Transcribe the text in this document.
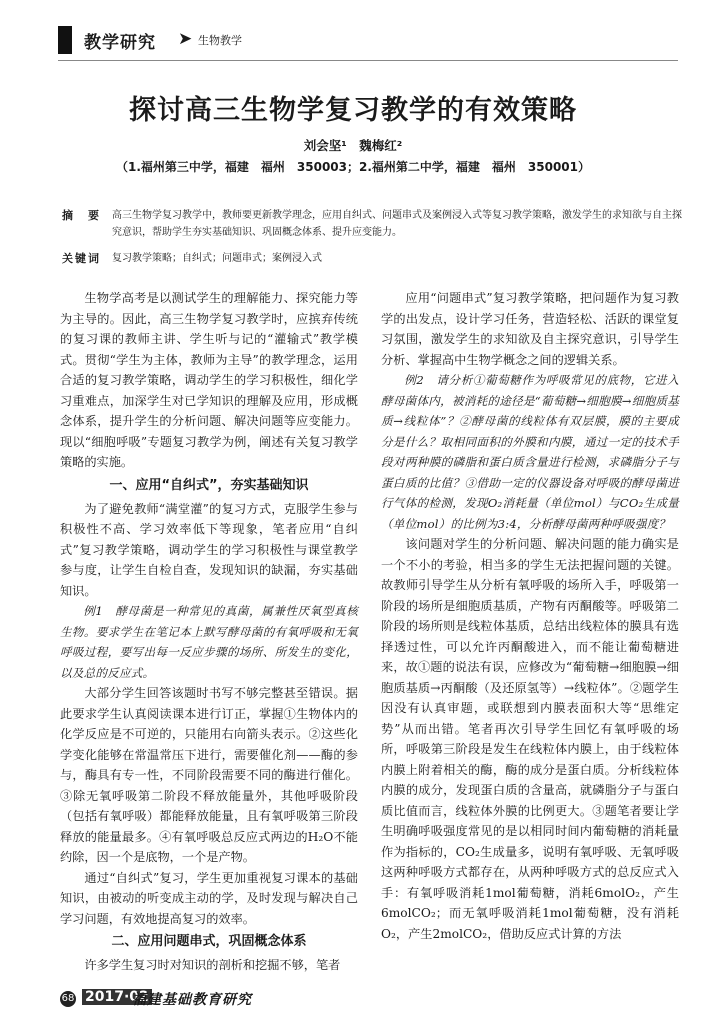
教学研究 ➤ 生物教学
探讨高三生物学复习教学的有效策略
刘会坚¹　魏梅红²
（1.福州第三中学，福建　福州　350003；2.福州第二中学，福建　福州　350001）
摘　要 高三生物学复习教学中，教师要更新教学理念，应用自纠式、问题串式及案例浸入式等复习教学策略，激发学生的求知欲与自主探究意识，帮助学生夯实基础知识、巩固概念体系、提升应变能力。
关键词 复习教学策略；自纠式；问题串式；案例浸入式

生物学高考是以测试学生的理解能力、探究能力等为主导的。因此，高三生物学复习教学时，应摈弃传统的复习课的教师主讲、学生听与记的“灌输式”教学模式。贯彻“学生为主体，教师为主导”的教学理念，运用合适的复习教学策略，调动学生的学习积极性，细化学习重难点，加深学生对已学知识的理解及应用，形成概念体系，提升学生的分析问题、解决问题等应变能力。现以“细胞呼吸”专题复习教学为例，阐述有关复习教学策略的实施。

一、应用“自纠式”，夯实基础知识

为了避免教师“满堂灌”的复习方式，克服学生参与积极性不高、学习效率低下等现象，笔者应用“自纠式”复习教学策略，调动学生的学习积极性与课堂教学参与度，让学生自检自查，发现知识的缺漏，夯实基础知识。

例1　酵母菌是一种常见的真菌，属兼性厌氧型真核生物。要求学生在笔记本上默写酵母菌的有氧呼吸和无氧呼吸过程，要写出每一反应步骤的场所、所发生的变化，以及总的反应式。

大部分学生回答该题时书写不够完整甚至错误。据此要求学生认真阅读课本进行订正，掌握①生物体内的化学反应是不可逆的，只能用右向箭头表示。②这些化学变化能够在常温常压下进行，需要催化剂——酶的参与，酶具有专一性，不同阶段需要不同的酶进行催化。③除无氧呼吸第二阶段不释放能量外，其他呼吸阶段（包括有氧呼吸）都能释放能量，且有氧呼吸第三阶段释放的能量最多。④有氧呼吸总反应式两边的H₂O不能约除，因一个是底物，一个是产物。

通过“自纠式”复习，学生更加重视复习课本的基础知识，由被动的听变成主动的学，及时发现与解决自己学习问题，有效地提高复习的效率。

二、应用问题串式，巩固概念体系

许多学生复习时对知识的剖析和挖掘不够，笔者

应用“问题串式”复习教学策略，把问题作为复习教学的出发点，设计学习任务，营造轻松、活跃的课堂复习氛围，激发学生的求知欲及自主探究意识，引导学生分析、掌握高中生物学概念之间的逻辑关系。

例2　请分析①葡萄糖作为呼吸常见的底物，它进入酵母菌体内，被消耗的途径是“葡萄糖→细胞膜→细胞质基质→线粒体”？②酵母菌的线粒体有双层膜，膜的主要成分是什么？取相同面积的外膜和内膜，通过一定的技术手段对两种膜的磷脂和蛋白质含量进行检测，求磷脂分子与蛋白质的比值？③借助一定的仪器设备对呼吸的酵母菌进行气体的检测，发现O₂消耗量（单位mol）与CO₂生成量（单位mol）的比例为3:4，分析酵母菌两种呼吸强度？

该问题对学生的分析问题、解决问题的能力确实是一个不小的考验，相当多的学生无法把握问题的关键。故教师引导学生从分析有氧呼吸的场所入手，呼吸第一阶段的场所是细胞质基质，产物有丙酮酸等。呼吸第二阶段的场所则是线粒体基质，总结出线粒体的膜具有选择透过性，可以允许丙酮酸进入，而不能让葡萄糖进来，故①题的说法有误，应修改为“葡萄糖→细胞膜→细胞质基质→丙酮酸（及还原氢等）→线粒体”。②题学生因没有认真审题，或联想到内膜表面积大等“思维定势”从而出错。笔者再次引导学生回忆有氧呼吸的场所，呼吸第三阶段是发生在线粒体内膜上，由于线粒体内膜上附着相关的酶，酶的成分是蛋白质。分析线粒体内膜的成分，发现蛋白质的含量高，就磷脂分子与蛋白质比值而言，线粒体外膜的比例更大。③题笔者要让学生明确呼吸强度常见的是以相同时间内葡萄糖的消耗量作为指标的，CO₂生成量多，说明有氧呼吸、无氧呼吸这两种呼吸方式都存在，从两种呼吸方式的总反应式入手：有氧呼吸消耗1mol葡萄糖，消耗6molO₂，产生6molCO₂；而无氧呼吸消耗1mol葡萄糖，没有消耗O₂，产生2molCO₂，借助反应式计算的方法

68 2017·02
福建基础教育研究
